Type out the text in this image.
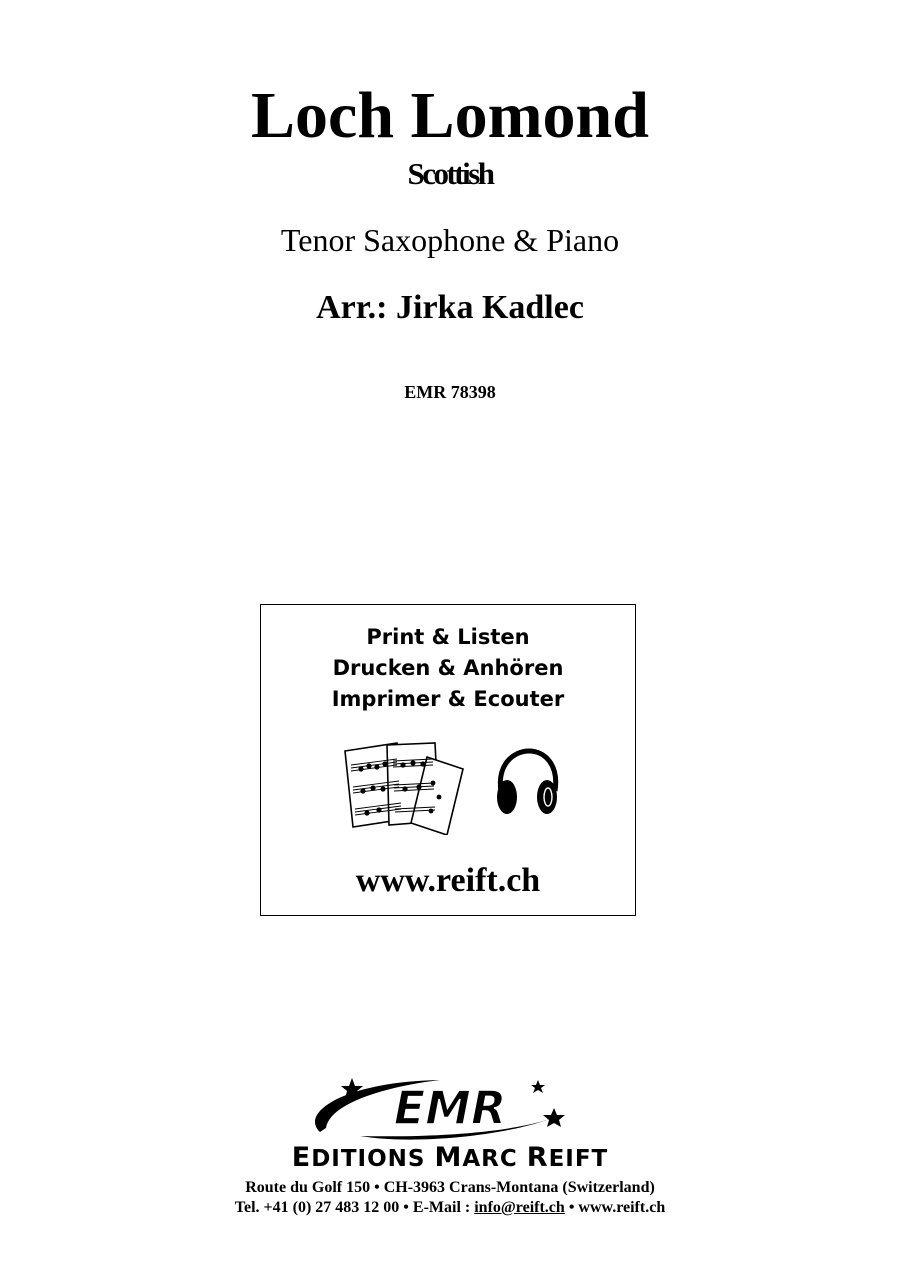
Loch Lomond
Scottish
Tenor Saxophone & Piano
Arr.: Jirka Kadlec
EMR 78398
Print & Listen
Drucken & Anhören
Imprimer & Ecouter
www.reift.ch
EMR
EDITIONS MARC REIFT
Route du Golf 150 • CH-3963 Crans-Montana (Switzerland)
Tel. +41 (0) 27 483 12 00 • E-Mail : info@reift.ch • www.reift.ch
